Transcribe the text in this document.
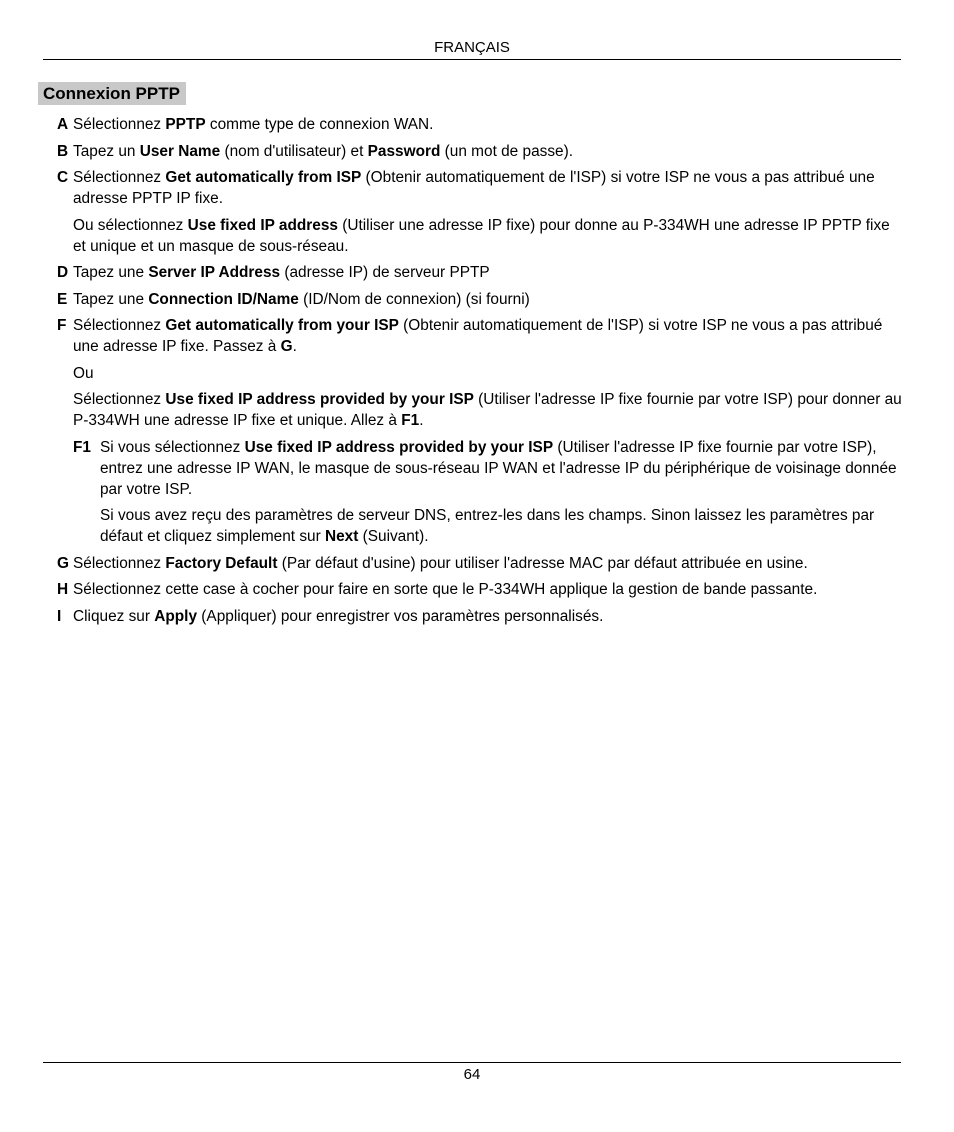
FRANÇAIS
Connexion PPTP
A Sélectionnez PPTP comme type de connexion WAN.
B Tapez un User Name (nom d'utilisateur) et Password (un mot de passe).
C Sélectionnez Get automatically from ISP (Obtenir automatiquement de l'ISP) si votre ISP ne vous a pas attribué une adresse PPTP IP fixe.
Ou sélectionnez Use fixed IP address (Utiliser une adresse IP fixe) pour donne au P-334WH une adresse IP PPTP fixe et unique et un masque de sous-réseau.
D Tapez une Server IP Address (adresse IP) de serveur PPTP
E Tapez une Connection ID/Name (ID/Nom de connexion) (si fourni)
F Sélectionnez Get automatically from your ISP (Obtenir automatiquement de l'ISP) si votre ISP ne vous a pas attribué une adresse IP fixe. Passez à G.
Ou
Sélectionnez Use fixed IP address provided by your ISP (Utiliser l'adresse IP fixe fournie par votre ISP) pour donner au P-334WH une adresse IP fixe et unique. Allez à F1.
F1 Si vous sélectionnez Use fixed IP address provided by your ISP (Utiliser l'adresse IP fixe fournie par votre ISP), entrez une adresse IP WAN, le masque de sous-réseau IP WAN et l'adresse IP du périphérique de voisinage donnée par votre ISP.
Si vous avez reçu des paramètres de serveur DNS, entrez-les dans les champs. Sinon laissez les paramètres par défaut et cliquez simplement sur Next (Suivant).
G Sélectionnez Factory Default (Par défaut d'usine) pour utiliser l'adresse MAC par défaut attribuée en usine.
H Sélectionnez cette case à cocher pour faire en sorte que le P-334WH applique la gestion de bande passante.
I Cliquez sur Apply (Appliquer) pour enregistrer vos paramètres personnalisés.
64
